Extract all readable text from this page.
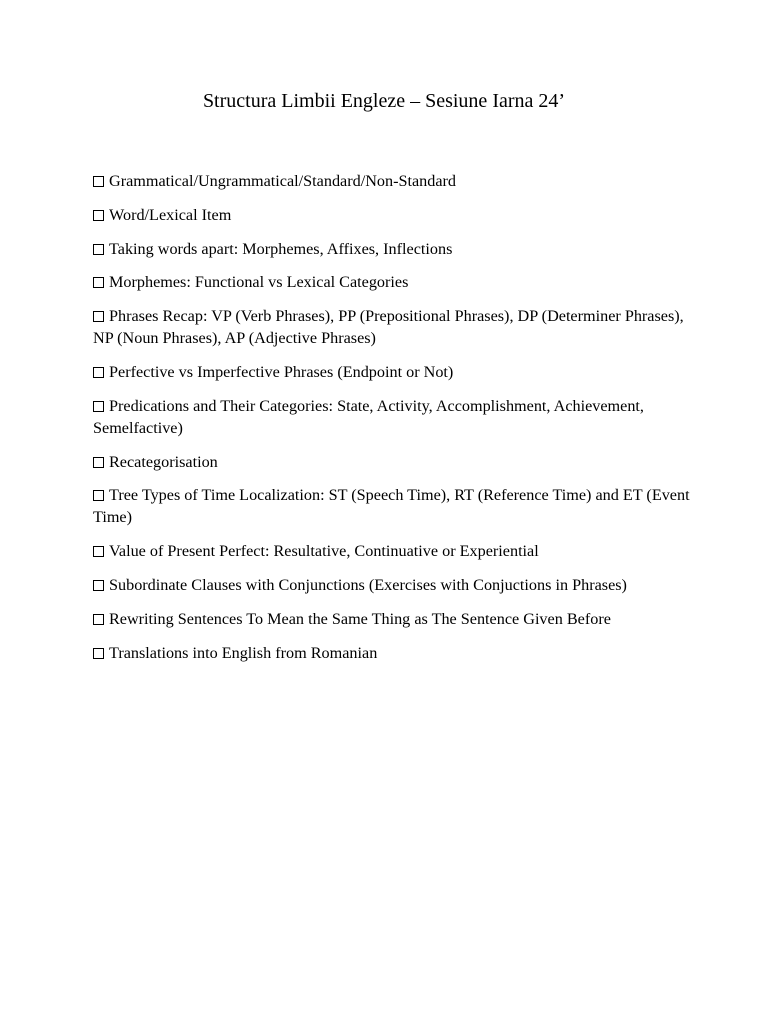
Structura Limbii Engleze – Sesiune Iarna 24’
Grammatical/Ungrammatical/Standard/Non-Standard
Word/Lexical Item
Taking words apart: Morphemes, Affixes, Inflections
Morphemes: Functional vs Lexical Categories
Phrases Recap: VP (Verb Phrases), PP (Prepositional Phrases), DP (Determiner Phrases), NP (Noun Phrases), AP (Adjective Phrases)
Perfective vs Imperfective Phrases (Endpoint or Not)
Predications and Their Categories: State, Activity, Accomplishment, Achievement, Semelfactive)
Recategorisation
Tree Types of Time Localization: ST (Speech Time), RT (Reference Time) and ET (Event Time)
Value of Present Perfect: Resultative, Continuative or Experiential
Subordinate Clauses with Conjunctions (Exercises with Conjuctions in Phrases)
Rewriting Sentences To Mean the Same Thing as The Sentence Given Before
Translations into English from Romanian
